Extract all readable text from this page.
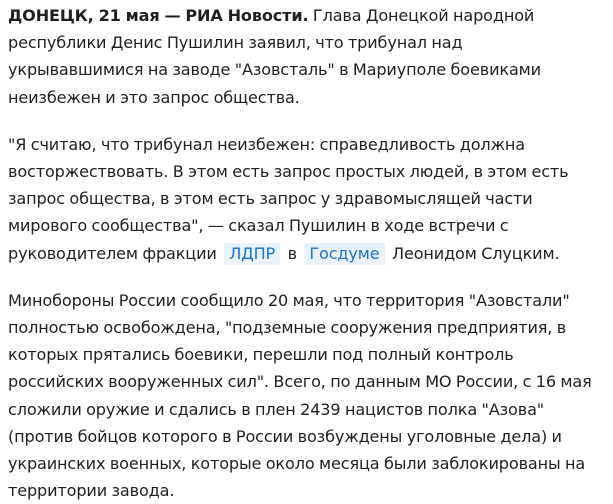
ДОНЕЦК, 21 мая — РИА Новости. Глава Донецкой народной республики Денис Пушилин заявил, что трибунал над укрывавшимися на заводе "Азовсталь" в Мариуполе боевиками неизбежен и это запрос общества.

"Я считаю, что трибунал неизбежен: справедливость должна восторжествовать. В этом есть запрос простых людей, в этом есть запрос общества, в этом есть запрос у здравомыслящей части мирового сообщества", — сказал Пушилин в ходе встречи с руководителем фракции ЛДПР в Госдуме Леонидом Слуцким.

Минобороны России сообщило 20 мая, что территория "Азовстали" полностью освобождена, "подземные сооружения предприятия, в которых прятались боевики, перешли под полный контроль российских вооруженных сил". Всего, по данным МО России, с 16 мая сложили оружие и сдались в плен 2439 нацистов полка "Азова" (против бойцов которого в России возбуждены уголовные дела) и украинских военных, которые около месяца были заблокированы на территории завода.
